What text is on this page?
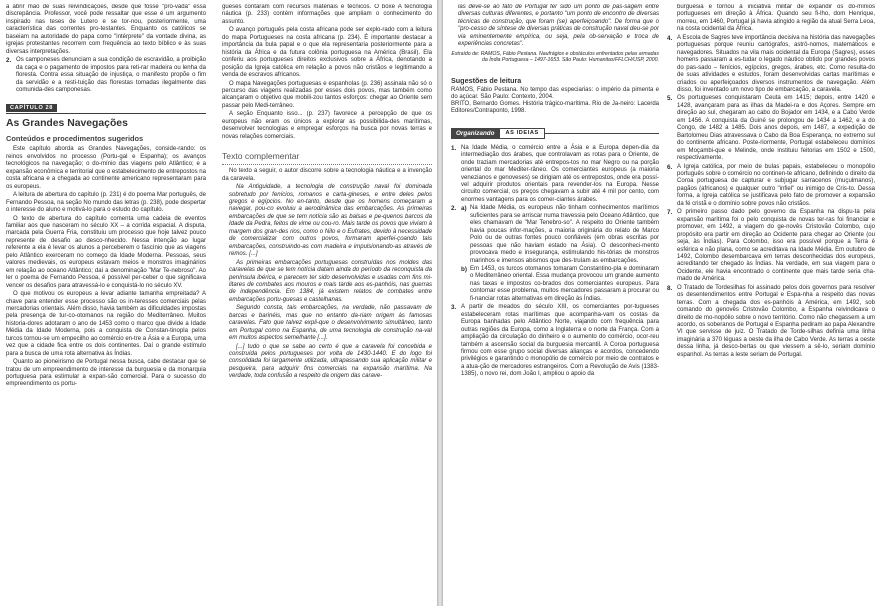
a abrir mão de suas reivindicações, desde que fosse "pro-vada" essa discrepância. Professor, você pode ressaltar que esse é um argumento inspirado nas teses de Lutero e se tor-nou, posteriormente, uma característica das correntes pro-testantes. Enquanto os católicos se baseiam na autoridade do papa como "intérprete" da vontade divina, as igrejas protestantes recorrem com frequência ao texto bíblico e às suas diversas interpretações.

2. Os camponeses denunciam a sua condição de escravidão, a proibição da caça e o pagamento de impostos para reti-rar madeira ou lenha da floresta. Contra essa situação de injustiça, o manifesto propõe o fim da servidão e a resti-tuição das florestas tomadas ilegalmente das comunida-des camponesas.

CAPÍTULO 28
As Grandes Navegações
Conteúdos e procedimentos sugeridos

Este capítulo aborda as Grandes Navegações, conside-rando: os reinos envolvidos no processo (Portu-gal e Espanha); os avanços tecnológicos na navegação; o do-mínio das viagens pelo Atlântico; e a expansão econômica e territorial que o estabelecimento de entrepostos na costa africana e a chegada ao continente americano representaram para os europeus.

A leitura de abertura do capítulo (p. 231) é do poema Mar português, de Fernando Pessoa, na seção No mundo das letras (p. 238), pode despertar o interesse do aluno e motivá-lo para o estudo do capítulo.

O texto de abertura do capítulo comenta uma cadeia de eventos familiar aos que nasceram no século XX – a corrida espacial. A disputa, marcada pela Guerra Fria, constituiu um processo que hoje talvez pouco represente de desafio ao desco-nhecido. Nessa intenção ao lugar referente a ela é levar os alunos a perceberem o fascínio que as viagens pelo Atlântico exerceram no começo da Idade Moderna. Pessoas, seus valores medievais, os europeus estavam meios e monstros imaginários em relação ao oceano Atlântico; daí a denominação "Mar Te-nebroso". Ao ler o poema de Fernando Pessoa, é possível per-ceber o que significava vencer os desafios para atravessá-lo e conquistá-lo no século XV.

O que motivou os europeus a levar adiante tamanha empreitada? A chave para entender esse processo são os in-teresses comerciais pelas mercadorias orientais. Além disso, havia também as dificuldades impostas pela presença de tur-co-otomanos na região do Mediterrâneo. Muitos historia-dores adotaram o ano de 1453 como o marco que divide a Idade Média da Idade Moderna, pois a conquista de Constan-tinopla pelos turcos tornou-se um empecilho ao comércio en-tre a Ásia e a Europa, uma vez que a cidade fica entre os dois continentes. Daí o grande estímulo para a busca de uma rota alternativa às Índias.

Quanto ao pioneirismo de Portugal nessa busca, cabe destacar que se tratou de um empreendimento de interesse da burguesia e da monarquia portuguesa para estimular a expan-são comercial. Para o sucesso do empreendimento os portu-

gueses contaram com recursos materiais e técnicos. O boxe A tecnologia náutica (p. 233) contém informações que ampliam o conhecimento do assunto.

O avanço português pela costa africana pode ser explo-rado com a leitura do mapa Portugueses na costa africana (p. 234). É importante destacar a importância da bula papal e o que ela representaria posteriormente para a história da África e da futura colônia portuguesa na América (Brasil). Ela conferiu aos portugueses direitos exclusivos sobre a África, denotando a posição da Igreja católica em relação a povos não cristãos e legitimando a venda de escravos africanos.

O mapa Navegações portuguesas e espanholas (p. 236) assinala não só o percurso das viagens realizadas por esses dois povos, mas também como alcançaram o objetivo que mobili-zou tantos esforços: chegar ao Oriente sem passar pelo Medi-terrâneo.

A seção Enquanto isso... (p. 237) favorece a percepção de que os europeus não eram os únicos a explorar as possibilida-des marítimas, desenvolver tecnologias e empregar esforços na busca por novas terras e novas relações comerciais.

Texto complementar

No texto a seguir, o autor discorre sobre a tecnologia náutica e a invenção da caravela.

Na Antiguidade, a tecnologia de construção naval foi dominada sobretudo por fenícios, romanos e carta-gineses, e entre deles pelos gregos e egípcios. No en-tanto, desde que os homens começaram a navegar, pou-co evoluiu a aerodinâmica das embarcações. As primeiras embarcações de que se tem notícia são as balsas e pe-quenos barcos da Idade da Pedra, feitos de vime ou cou-ro. Mais tarde os povos que viviam à margem dos gran-des rios, como o Nilo e o Eufrates, devido à necessidade de comercializar com outros povos, formaram aperfei-çoando tais embarcações, construindo-as com madeira e impulsionando-as através de remos. [...]

As primeiras embarcações portuguesas construídas nos moldes das caravelas de que se tem notícia datam ainda do período da reconquista da península ibérica, e parecem ter sido desenvolvidas e usadas com fins mi-litares de combates aos mouros e mais tarde aos es-panhóis, nas guerras de independência. Em 1384, já existem relatos de combates entre embarcações portu-guesas e castelhanas.

Segundo consta, tais embarcações, na verdade, não passavam de barcas e barinéis, mas que no entanto da-riam origem às famosas caravelas. Fato que talvez expli-que o desenvolvimento simultâneo, tanto em Portugal como na Espanha, de uma tecnologia de construção na-val em muitos aspectos semelhante [...].

[...] tudo o que se sabe ao certo é que a caravela foi concebida e construída pelos portugueses por volta de 1430-1440. E do logo foi consolidada foi largamente utilizada, ultrapassando sua aplicação militar e pesqueira, para adquirir fins comerciais na expansão marítima. Na verdade, toda confusão a respeito da origem das carave-

las deve-se ao fato de Portugal ter sido um ponto de pas-sagem entre diversas culturas diferentes, e portanto "um ponto de encontro de diversas técnicas de construção, que foram (se) aperfeiçoando". De forma que o "pro-cesso de síntese de diversas práticas de construção naval deu-se por via eminentemente empírica, ou seja, pela ob-servação e troca de experiências concretas".

Extraído de: RAMOS, Fábio Pestana. Naufrágios e obstáculos enfrentados pelas armadas da Índia Portuguesa – 1497-1653. São Paulo: Humanitas/FFLCH/USP, 2000.
Sugestões de leitura

RAMOS, Fábio Pestana. No tempo das especiarias: o império da pimenta e do açúcar. São Paulo: Contexto, 2004.

BRITO, Bernardo Gomes. História trágico-marítima. Rio de Ja-neiro: Lacerda Editores/Contraponto, 1998.

Organizando	AS IDEIAS
1. Na Idade Média, o comércio entre a Ásia e a Europa depen-dia da intermediação dos árabes, que controlavam as rotas para o Oriente, de onde traziam mercadorias até entrepos-tos no mar Negro ou na porção oriental do mar Mediter-râneo. Os comerciantes europeus (a maioria venezianos e genoveses) se dirigiam até os entrepostos, onde era possí-vel adquirir produtos orientais para revender-los na Europa. Nesse circuito comercial, os preços chegavam a subir até 4 mil por cento, com enormes vantagens para os comer-ciantes árabes.

2. a) Na Idade Média, os europeus não tinham conhecimentos marítimos suficientes para se arriscar numa travessia pelo Oceano Atlântico, que eles chamavam de "Mar Tenebro-so". A respeito do Oriente também havia poucas infor-mações, a maioria originária do relato de Marco Polo ou de outras fontes pouco confiáveis (em obras escritas por pessoas que não haviam estado na Ásia). O desconheci-mento provocava medo e insegurança, estimulando his-tórias de monstros marinhos e imensos abismos que des-truíam as embarcações.

b) Em 1453, os turcos otomanos tomaram Constantino-pla e dominaram o Mediterrâneo oriental. Essa mudança provocou um grande aumento nas taxas e impostos co-brados dos comerciantes europeus. Para contornar esse problema, muitos mercadores passaram a procurar ou fi-nanciar rotas alternativas em direção às Índias.

3. A partir de meados do século XIII, os comerciantes por-tugueses estabeleceram rotas marítimas que acompanha-vam os costas da Europa banhadas pelo Atlântico Norte, viajando com frequência para outras regiões da Europa, como a Inglaterra e o norte da França. Com a ampliação da circulação do dinheiro e o aumento do comércio, ocor-reu também a ascensão social da burguesia mercantil. A Coroa portuguesa firmou com esse grupo social diversas alianças e acordos, concedendo privilégios e garantindo o monopólio de comércio por meio de contratos e a atua-ção de mercadores estrangeiros. Com a Revolução de Avis (1383-1385), o novo rei, dom João I, ampliou o apoio da

burguesia e tornou a iniciativa militar de expandir os do-mínios portugueses em direção à África. Quando seu fi-lho, dom Henrique, morreu, em 1460, Portugal já havia atingido a região da atual Serra Leoa, na costa ocidental da África.

4. A Escola de Sagres teve importância decisiva na história das navegações portuguesas porque reuniu cartógrafos, astrô-nomos, matemáticos e navegadores. Situados na vila mais ocidental da Europa (Sagres), esses homens passaram a es-tudar o legado náutico obtido por grandes povos do pas-sado – fenícios, egípcios, gregos, árabes, etc. Como resulta-do de suas atividades e estudos, foram desenvolvidas cartas marítimas e criados ou aperfeiçoados diversos instrumentos de navegação. Além disso, foi inventado um novo tipo de embarcação, a caravela.

5. Os portugueses conquistaram Ceuta em 1415; depois, entre 1420 e 1428, avançaram para as ilhas da Madei-ra e dos Açores. Sempre em direção ao sul, chegaram ao cabo do Bojador em 1434, e a Cabo Verde em 1456. A conquista da Guiné se prolongou de 1434 a 1462, e a do Congo, de 1482 a 1485. Dois anos depois, em 1487, a expedição de Bartolomeu Dias atravessava o Cabo da Boa Esperança, no extremo sul do continente africano. Poste-riormente, Portugal estabeleceu domínios em Moçambi-que e Melinde, onde instituiu feitorias em 1502 e 1500, respectivamente.

6. A Igreja católica, por meio de bulas papais, estabeleceu o monopólio português sobre o comércio no continen-te africano, definindo o direito da Coroa portuguesa de capturar e subjugar sarracenos (muçulmanos), pagãos (africanos) e qualquer outro "infiel" ou inimigo de Cris-to. Dessa forma, a Igreja católica se justificava pelo fato de promover a expansão da fé cristã e o domínio sobre povos não cristãos.

7. O primeiro passo dado pelo governo da Espanha na dispu-ta pela expansão marítima foi o pelo conquista de novas ter-ras foi financiar e promover, em 1492, a viagem do ge-novês Cristovão Colombo, cujo propósito era partir em direção ao Ocidente para chegar ao Oriente (ou seja, às Índias). Para Colombo, isso era possível porque a Terra é esférica e não plana, como se acreditava na Idade Média. Em outubro de 1492, Colombo desembarcava em terras desconhecidas dos europeus, acreditando ter chegado às Índias. Na verdade, em sua viagem para o Ocidente, ele havia encontrado o continente que mais tarde seria cha-mado de América.

8. O Tratado de Tordesilhas foi assinado pelos dois governos para resolver os desentendimentos entre Portugal e Espa-nha a respeito das novas terras. Com a chegada dos es-panhóis à América, em 1492, sob comando do genovês Cristovão Colombo, a Espanha reivindicava o direito de mo-nopólio sobre o novo território. Como não chegassem a um acordo, os soberanos de Portugal e Espanha pediram ao papa Alexandre VI que servisse de juiz. O Tratado de Torde-silhas definia uma linha imaginária a 370 léguas a oeste da ilha de Cabo Verde. As terras a oeste dessa linha, já desco-bertas ou que viessem a sê-lo, seriam domínio espanhol. As terras a leste seriam de Portugal.
